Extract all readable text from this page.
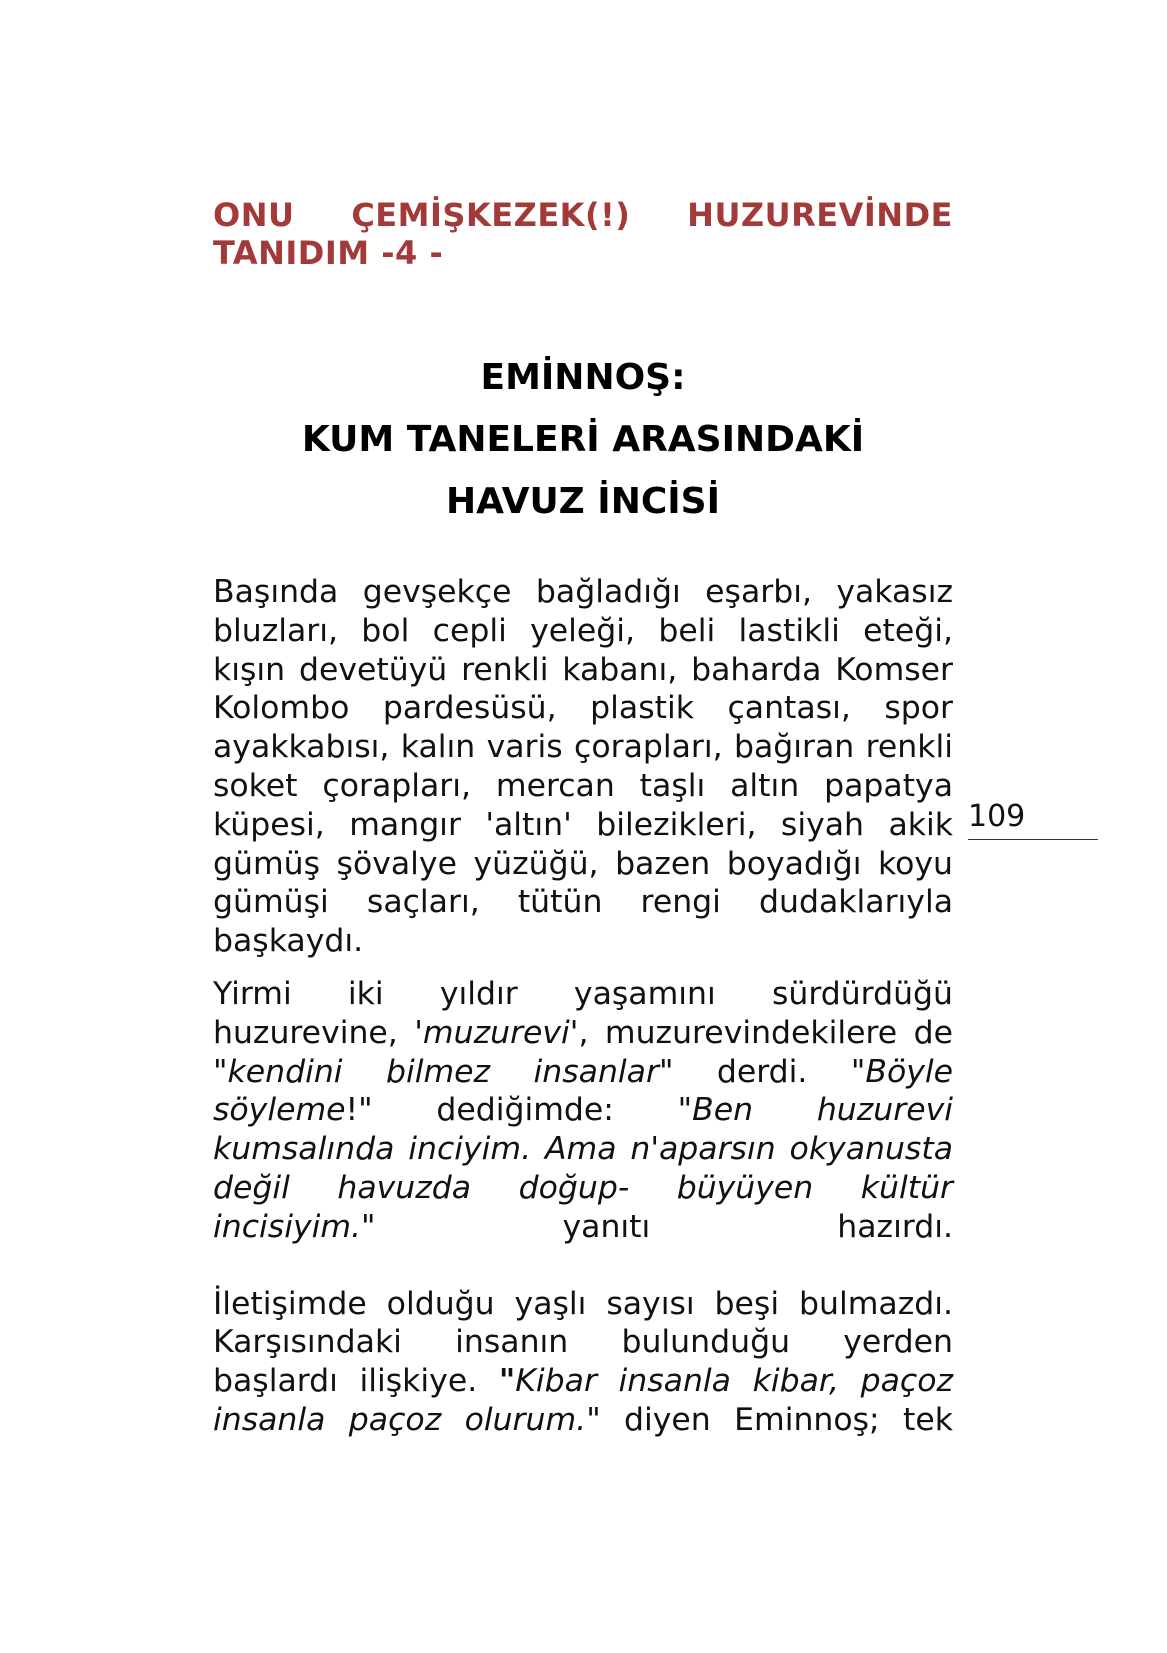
ONU ÇEMİŞKEZEK(!) HUZUREVİNDE
TANIDIM -4 -
EMİNNOŞ:
KUM TANELERİ ARASINDAKİ
HAVUZ İNCİSİ

Başında gevşekçe bağladığı eşarbı, yakasız bluzları, bol cepli yeleği, beli lastikli eteği, kışın devetüyü renkli kabanı, baharda Komser Kolombo pardesüsü, plastik çantası, spor ayakkabısı, kalın varis çorapları, bağıran renkli soket çorapları, mercan taşlı altın papatya küpesi, mangır 'altın' bilezikleri, siyah akik gümüş şövalye yüzüğü, bazen boyadığı koyu gümüşi saçları, tütün rengi dudaklarıyla başkaydı.

Yirmi iki yıldır yaşamını sürdürdüğü huzurevine, 'muzurevi', muzurevindekilere de "kendini bilmez insanlar" derdi. "Böyle söyleme!" dediğimde: "Ben huzurevi kumsalında inciyim. Ama n'aparsın okyanusta değil havuzda doğup- büyüyen kültür incisiyim." yanıtı hazırdı.

İletişimde olduğu yaşlı sayısı beşi bulmazdı. Karşısındaki insanın bulunduğu yerden başlardı ilişkiye. "Kibar insanla kibar, paçoz insanla paçoz olurum." diyen Eminnoş; tek

109
